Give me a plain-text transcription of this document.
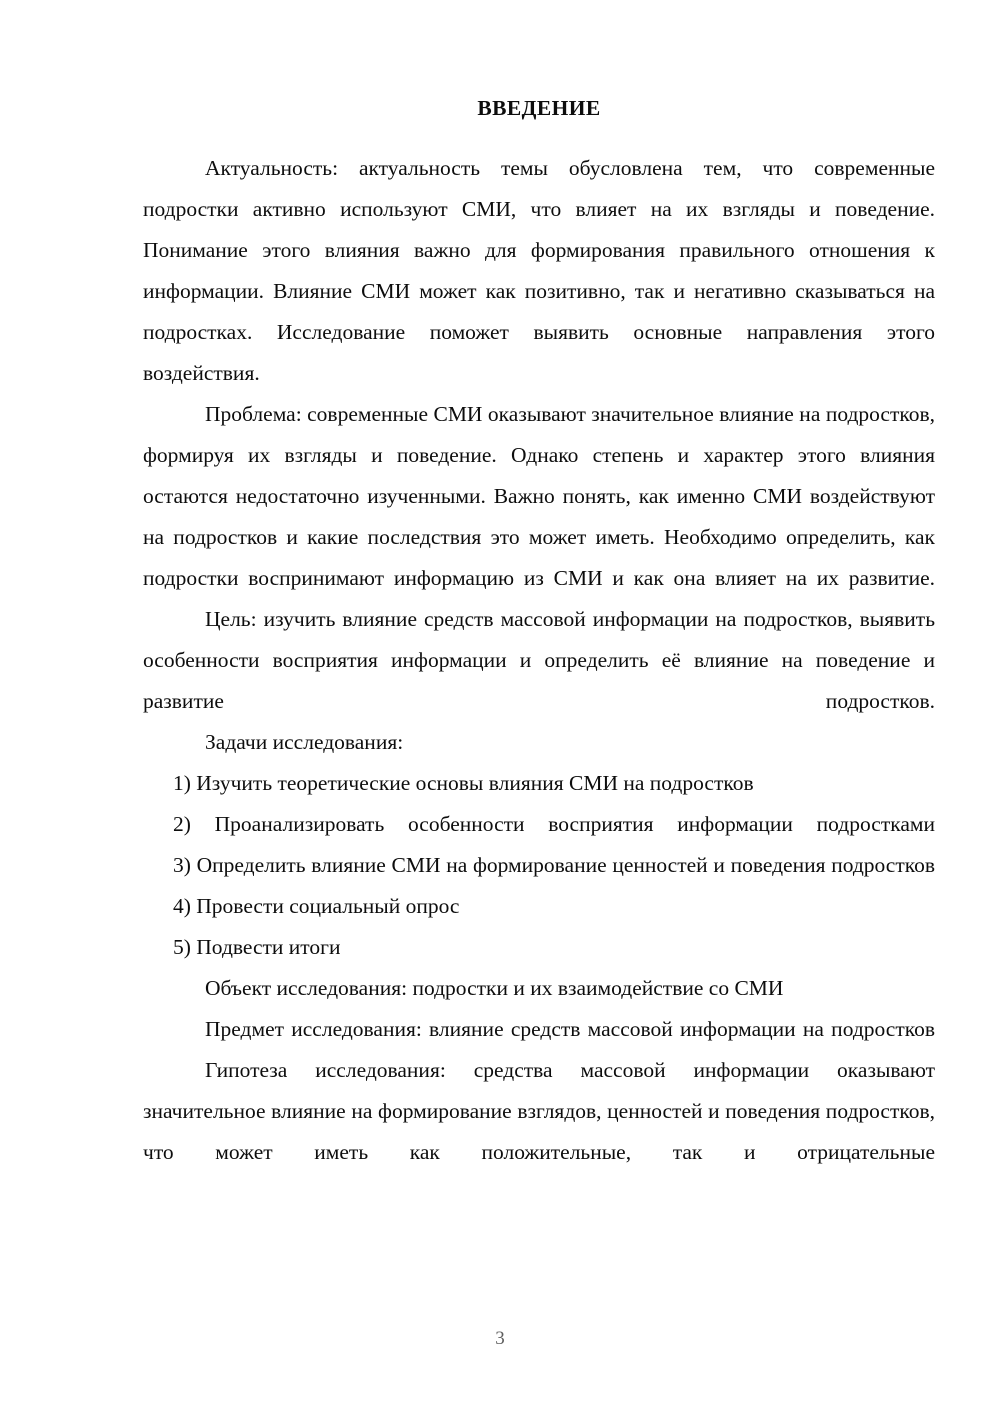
ВВЕДЕНИЕ

Актуальность: актуальность темы обусловлена тем, что современные подростки активно используют СМИ, что влияет на их взгляды и поведение. Понимание этого влияния важно для формирования правильного отношения к информации. Влияние СМИ может как позитивно, так и негативно сказываться на подростках. Исследование поможет выявить основные направления этого воздействия.

Проблема: современные СМИ оказывают значительное влияние на подростков, формируя их взгляды и поведение. Однако степень и характер этого влияния остаются недостаточно изученными. Важно понять, как именно СМИ воздействуют на подростков и какие последствия это может иметь. Необходимо определить, как подростки воспринимают информацию из СМИ и как она влияет на их развитие.

Цель: изучить влияние средств массовой информации на подростков, выявить особенности восприятия информации и определить её влияние на поведение и развитие подростков.

Задачи исследования:

1) Изучить теоретические основы влияния СМИ на подростков

2) Проанализировать особенности восприятия информации подростками

3) Определить влияние СМИ на формирование ценностей и поведения подростков

4) Провести социальный опрос

5) Подвести итоги

Объект исследования: подростки и их взаимодействие со СМИ

Предмет исследования: влияние средств массовой информации на подростков

Гипотеза исследования: средства массовой информации оказывают значительное влияние на формирование взглядов, ценностей и поведения подростков, что может иметь как положительные, так и отрицательные

3
